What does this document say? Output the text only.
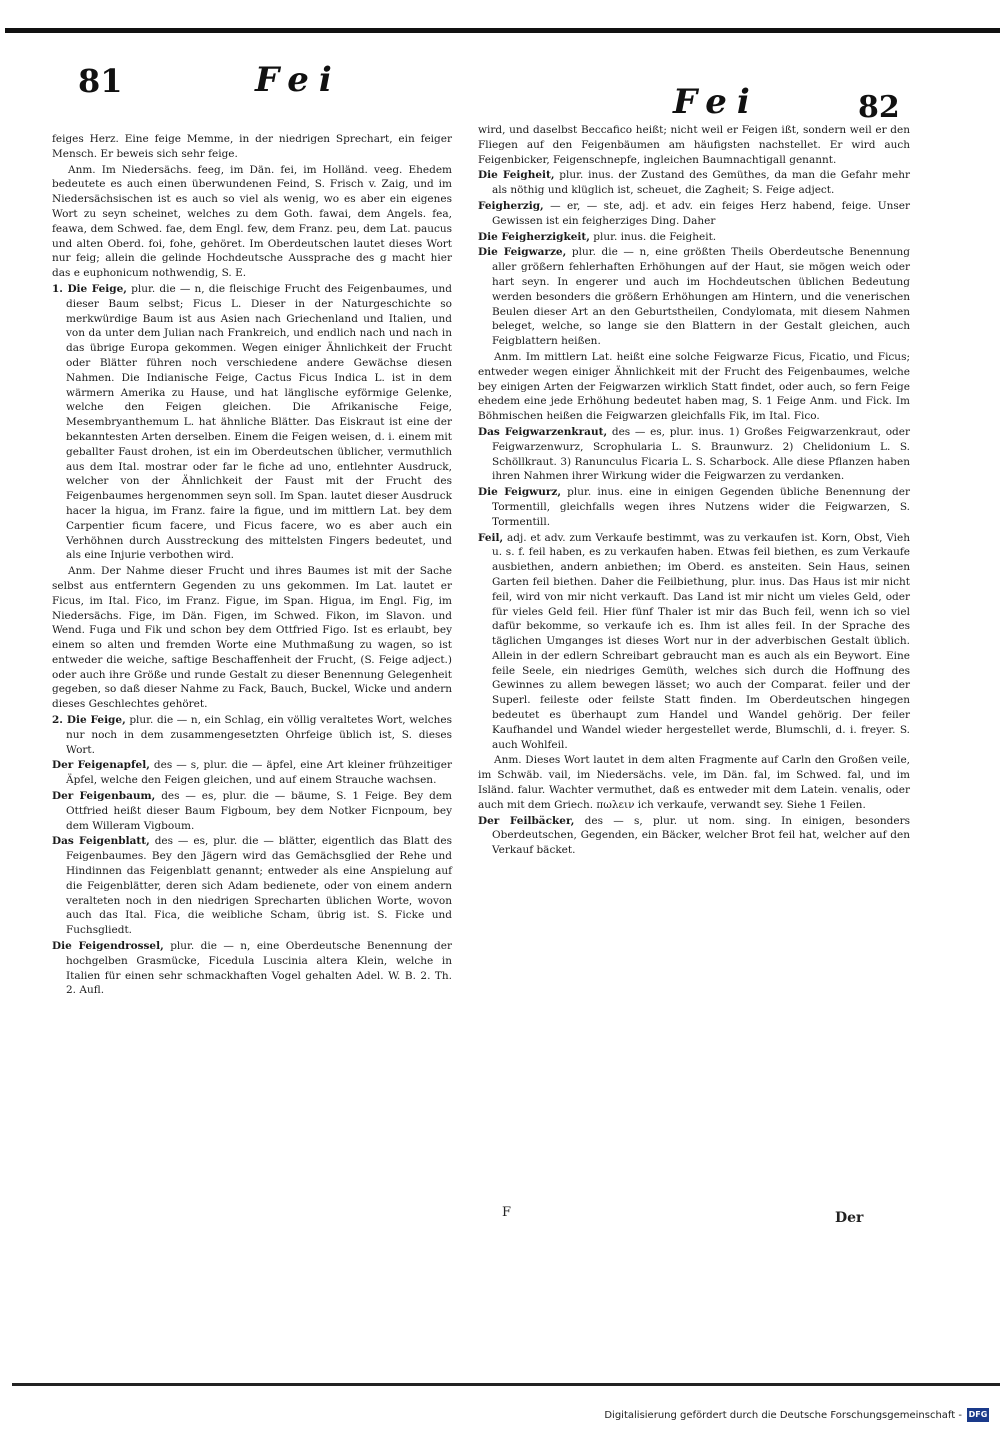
81	Fei
Fei	82

feiges Herz. Eine feige Memme, in der niedrigen Sprechart, ein feiger Mensch. Er beweis sich sehr feige.

Anm. Im Niedersächs. feeg, im Dän. fei, im Holländ. veeg. Ehedem bedeutete es auch einen überwundenen Feind, S. Frisch v. Zaig, und im Niedersächsischen ist es auch so viel als wenig, wo es aber ein eigenes Wort zu seyn scheinet, welches zu dem Goth. fawai, dem Angels. fea, feawa, dem Schwed. fae, dem Engl. few, dem Franz. peu, dem Lat. paucus und alten Oberd. foi, fohe, gehöret. Im Oberdeutschen lautet dieses Wort nur feig; allein die gelinde Hochdeutsche Aussprache des g macht hier das e euphonicum nothwendig, S. E.

1. Die Feige, plur. die — n, die fleischige Frucht des Feigenbaumes, und dieser Baum selbst; Ficus L. Dieser in der Naturgeschichte so merkwürdige Baum ist aus Asien nach Griechenland und Italien, und von da unter dem Julian nach Frankreich, und endlich nach und nach in das übrige Europa gekommen. Wegen einiger Ähnlichkeit der Frucht oder Blätter führen noch verschiedene andere Gewächse diesen Nahmen. Die Indianische Feige, Cactus Ficus Indica L. ist in dem wärmern Amerika zu Hause, und hat länglische eyförmige Gelenke, welche den Feigen gleichen. Die Afrikanische Feige, Mesembryanthemum L. hat ähnliche Blätter. Das Eiskraut ist eine der bekanntesten Arten derselben. Einem die Feigen weisen, d. i. einem mit geballter Faust drohen, ist ein im Oberdeutschen üblicher, vermuthlich aus dem Ital. mostrar oder far le fiche ad uno, entlehnter Ausdruck, welcher von der Ähnlichkeit der Faust mit der Frucht des Feigenbaumes hergenommen seyn soll. Im Span. lautet dieser Ausdruck hacer la higua, im Franz. faire la figue, und im mittlern Lat. bey dem Carpentier ficum facere, und Ficus facere, wo es aber auch ein Verhöhnen durch Ausstreckung des mittelsten Fingers bedeutet, und als eine Injurie verbothen wird.

Anm. Der Nahme dieser Frucht und ihres Baumes ist mit der Sache selbst aus entferntern Gegenden zu uns gekommen. Im Lat. lautet er Ficus, im Ital. Fico, im Franz. Figue, im Span. Higua, im Engl. Fig, im Niedersächs. Fige, im Dän. Figen, im Schwed. Fikon, im Slavon. und Wend. Fuga und Fik und schon bey dem Ottfried Figo. Ist es erlaubt, bey einem so alten und fremden Worte eine Muthmaßung zu wagen, so ist entweder die weiche, saftige Beschaffenheit der Frucht, (S. Feige adject.) oder auch ihre Größe und runde Gestalt zu dieser Benennung Gelegenheit gegeben, so daß dieser Nahme zu Fack, Bauch, Buckel, Wicke und andern dieses Geschlechtes gehöret.

2. Die Feige, plur. die — n, ein Schlag, ein völlig veraltetes Wort, welches nur noch in dem zusammengesetzten Ohrfeige üblich ist, S. dieses Wort.

Der Feigenapfel, des — s, plur. die — äpfel, eine Art kleiner frühzeitiger Äpfel, welche den Feigen gleichen, und auf einem Strauche wachsen.

Der Feigenbaum, des — es, plur. die — bäume, S. 1 Feige. Bey dem Ottfried heißt dieser Baum Figboum, bey dem Notker Ficnpoum, bey dem Willeram Vigboum.

Das Feigenblatt, des — es, plur. die — blätter, eigentlich das Blatt des Feigenbaumes. Bey den Jägern wird das Gemächsglied der Rehe und Hindinnen das Feigenblatt genannt; entweder als eine Anspielung auf die Feigenblätter, deren sich Adam bedienete, oder von einem andern veralteten noch in den niedrigen Sprecharten üblichen Worte, wovon auch das Ital. Fica, die weibliche Scham, übrig ist. S. Ficke und Fuchsgliedt.

Die Feigendrossel, plur. die — n, eine Oberdeutsche Benennung der hochgelben Grasmücke, Ficedula Luscinia altera Klein, welche in Italien für einen sehr schmackhaften Vogel gehalten Adel. W. B. 2. Th. 2. Aufl.

wird, und daselbst Beccafico heißt; nicht weil er Feigen ißt, sondern weil er den Fliegen auf den Feigenbäumen am häufigsten nachstellet. Er wird auch Feigenbicker, Feigenschnepfe, ingleichen Baumnachtigall genannt.

Die Feigheit, plur. inus. der Zustand des Gemüthes, da man die Gefahr mehr als nöthig und klüglich ist, scheuet, die Zagheit; S. Feige adject.

Feigherzig, — er, — ste, adj. et adv. ein feiges Herz habend, feige. Unser Gewissen ist ein feigherziges Ding. Daher

Die Feigherzigkeit, plur. inus. die Feigheit.

Die Feigwarze, plur. die — n, eine größten Theils Oberdeutsche Benennung aller größern fehlerhaften Erhöhungen auf der Haut, sie mögen weich oder hart seyn. In engerer und auch im Hochdeutschen üblichen Bedeutung werden besonders die größern Erhöhungen am Hintern, und die venerischen Beulen dieser Art an den Geburtstheilen, Condylomata, mit diesem Nahmen beleget, welche, so lange sie den Blattern in der Gestalt gleichen, auch Feigblattern heißen.

Anm. Im mittlern Lat. heißt eine solche Feigwarze Ficus, Ficatio, und Ficus; entweder wegen einiger Ähnlichkeit mit der Frucht des Feigenbaumes, welche bey einigen Arten der Feigwarzen wirklich Statt findet, oder auch, so fern Feige ehedem eine jede Erhöhung bedeutet haben mag, S. 1 Feige Anm. und Fick. Im Böhmischen heißen die Feigwarzen gleichfalls Fik, im Ital. Fico.

Das Feigwarzenkraut, des — es, plur. inus. 1) Großes Feigwarzenkraut, oder Feigwarzenwurz, Scrophularia L. S. Braunwurz. 2) Chelidonium L. S. Schöllkraut. 3) Ranunculus Ficaria L. S. Scharbock. Alle diese Pflanzen haben ihren Nahmen ihrer Wirkung wider die Feigwarzen zu verdanken.

Die Feigwurz, plur. inus. eine in einigen Gegenden übliche Benennung der Tormentill, gleichfalls wegen ihres Nutzens wider die Feigwarzen, S. Tormentill.

Feil, adj. et adv. zum Verkaufe bestimmt, was zu verkaufen ist. Korn, Obst, Vieh u. s. f. feil haben, es zu verkaufen haben. Etwas feil biethen, es zum Verkaufe ausbiethen, andern anbiethen; im Oberd. es ansteiten. Sein Haus, seinen Garten feil biethen. Daher die Feilbiethung, plur. inus. Das Haus ist mir nicht feil, wird von mir nicht verkauft. Das Land ist mir nicht um vieles Geld, oder für vieles Geld feil. Hier fünf Thaler ist mir das Buch feil, wenn ich so viel dafür bekomme, so verkaufe ich es. Ihm ist alles feil. In der Sprache des täglichen Umganges ist dieses Wort nur in der adverbischen Gestalt üblich. Allein in der edlern Schreibart gebraucht man es auch als ein Beywort. Eine feile Seele, ein niedriges Gemüth, welches sich durch die Hoffnung des Gewinnes zu allem bewegen lässet; wo auch der Comparat. feiler und der Superl. feileste oder feilste Statt finden. Im Oberdeutschen hingegen bedeutet es überhaupt zum Handel und Wandel gehörig. Der feiler Kaufhandel und Wandel wieder hergestellet werde, Blumschli, d. i. freyer. S. auch Wohlfeil.

Anm. Dieses Wort lautet in dem alten Fragmente auf Carln den Großen veile, im Schwäb. vail, im Niedersächs. vele, im Dän. fal, im Schwed. fal, und im Isländ. falur. Wachter vermuthet, daß es entweder mit dem Latein. venalis, oder auch mit dem Griech. πωλειν ich verkaufe, verwandt sey. Siehe 1 Feilen.

Der Feilbäcker, des — s, plur. ut nom. sing. In einigen, besonders Oberdeutschen, Gegenden, ein Bäcker, welcher Brot feil hat, welcher auf den Verkauf bäcket.

F	Der
Digitalisierung gefördert durch die Deutsche Forschungsgemeinschaft - DFG
